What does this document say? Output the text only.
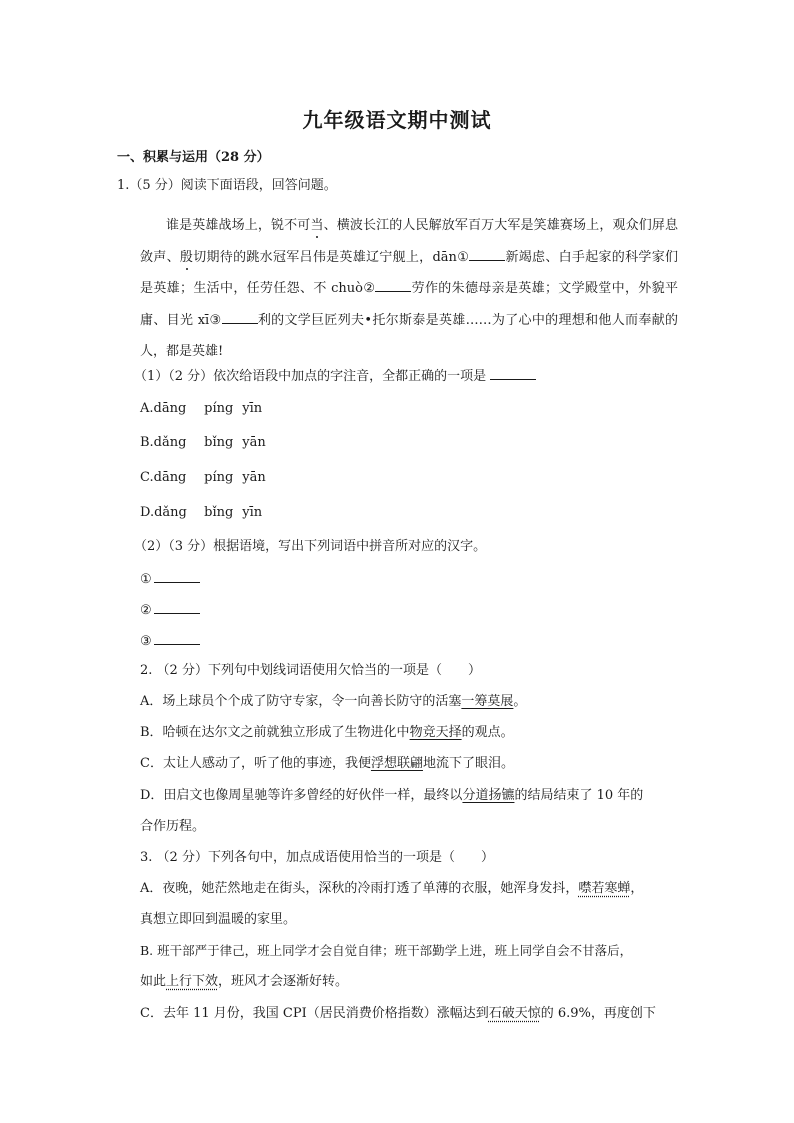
九年级语文期中测试
一、积累与运用（28 分）
1.（5 分）阅读下面语段，回答问题。
谁是英雄战场上，锐不可当、横波长江的人民解放军百万大军是笑雄赛场上，观众们屏息敛声、殷切期待的跳水冠军吕伟是英雄辽宁舰上，dān①	新竭虑、白手起家的科学家们是英雄；生活中，任劳任怨、不 chuò②	劳作的朱德母亲是英雄；文学殿堂中，外貌平庸、目光 xī③	利的文学巨匠列夫•托尔斯泰是英雄……为了心中的理想和他人而奉献的人，都是英雄!
（1）（2 分）依次给语段中加点的字注音，全都正确的一项是
A.dāng píng yīn
B.dǎng bǐng yān
C.dāng píng yān
D.dǎng bǐng yīn
（2）（3 分）根据语境，写出下列词语中拼音所对应的汉字。
①
②
③
2. （2 分）下列句中划线词语使用欠恰当的一项是（　　）
A．场上球员个个成了防守专家，令一向善长防守的活塞一筹莫展。
B．哈顿在达尔文之前就独立形成了生物进化中物竞天择的观点。
C．太让人感动了，听了他的事迹，我便浮想联翩地流下了眼泪。
D．田启文也像周星驰等许多曾经的好伙伴一样，最终以分道扬镳的结局结束了 10 年的
合作历程。
3. （2 分）下列各句中，加点成语使用恰当的一项是（　　）
A．夜晚，她茫然地走在街头，深秋的冷雨打透了单薄的衣服，她浑身发抖，噤若寒蝉，
真想立即回到温暖的家里。
B. 班干部严于律己，班上同学才会自觉自律；班干部勤学上进，班上同学自会不甘落后，
如此上行下效，班风才会逐渐好转。
C．去年 11 月份，我国 CPI（居民消费价格指数）涨幅达到石破天惊的 6.9%，再度创下
